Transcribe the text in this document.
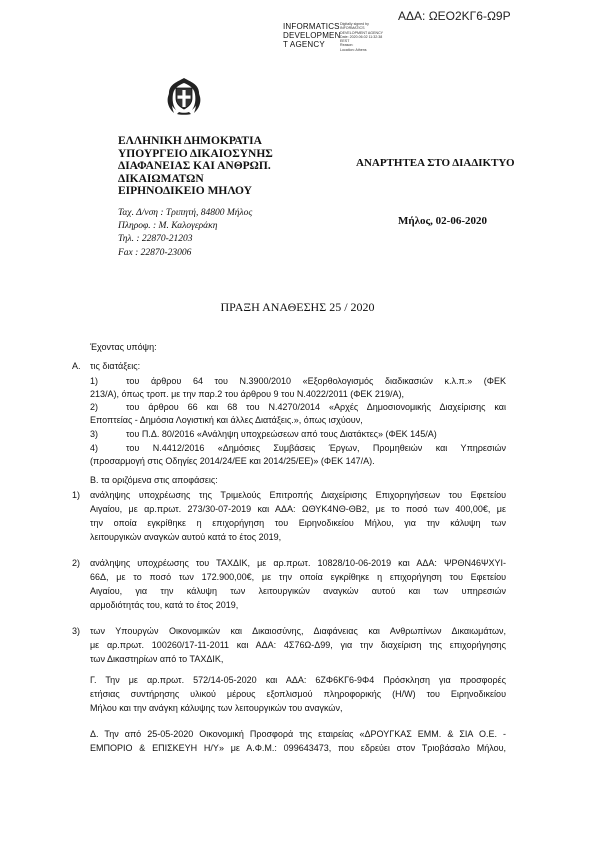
ΑΔΑ: ΩΕΟ2ΚΓ6-Ω9Ρ
INFORMATICS
DEVELOPMEN
T AGENCY
Digitally signed by
INFORMATICS
DEVELOPMENT AGENCY
Date: 2020.06.02 11:32:38
EEST
Reason:
Location: Athens
ΕΛΛΗΝΙΚΗ ΔΗΜΟΚΡΑΤΙΑ
ΥΠΟΥΡΓΕΙΟ ΔΙΚΑΙΟΣΥΝΗΣ
ΔΙΑΦΑΝΕΙΑΣ ΚΑΙ ΑΝΘΡΩΠ.
ΔΙΚΑΙΩΜΑΤΩΝ
ΕΙΡΗΝΟΔΙΚΕΙΟ ΜΗΛΟΥ
Ταχ. Δ/νση : Τριπητή, 84800 Μήλος
Πληροφ. : Μ. Καλογεράκη
Τηλ. : 22870-21203
Fax : 22870-23006
ΑΝΑΡΤΗΤΕΑ ΣΤΟ ΔΙΑΔΙΚΤΥΟ
Μήλος, 02-06-2020
ΠΡΑΞΗ ΑΝΑΘΕΣΗΣ 25 / 2020
Έχοντας υπόψη:
Α. τις διατάξεις:
1)	του άρθρου 64 του Ν.3900/2010 «Εξορθολογισμός διαδικασιών κ.λ.π.» (ΦΕΚ
213/Α), όπως τροπ. με την παρ.2 του άρθρου 9 του Ν.4022/2011 (ΦΕΚ 219/Α),
2)	του άρθρου 66 και 68 του Ν.4270/2014 «Αρχές Δημοσιονομικής Διαχείρισης και
Εποπτείας - Δημόσια Λογιστική και άλλες Διατάξεις.», όπως ισχύουν,
3)	του Π.Δ. 80/2016 «Ανάληψη υποχρεώσεων από τους Διατάκτες» (ΦΕΚ 145/Α)
4)	του Ν.4412/2016 «Δημόσιες Συμβάσεις Έργων, Προμηθειών και Υπηρεσιών
(προσαρμογή στις Οδηγίες 2014/24/ΕΕ και 2014/25/ΕΕ)» (ΦΕΚ 147/Α).
Β. τα οριζόμενα στις αποφάσεις:
1) ανάληψης υποχρέωσης της Τριμελούς Επιτροπής Διαχείρισης Επιχορηγήσεων του Εφετείου
Αιγαίου, με αρ.πρωτ. 273/30-07-2019 και ΑΔΑ: ΩΘΥΚ4ΝΘ-ΘΒ2, με το ποσό των 400,00€, με
την οποία εγκρίθηκε η επιχορήγηση του Ειρηνοδικείου Μήλου, για την κάλυψη των
λειτουργικών αναγκών αυτού κατά το έτος 2019,
2) ανάληψης υποχρέωσης του ΤΑΧΔΙΚ, με αρ.πρωτ. 10828/10-06-2019 και ΑΔΑ: ΨΡΘΝ46ΨΧΥΙ-
66Δ, με το ποσό των 172.900,00€, με την οποία εγκρίθηκε η επιχορήγηση του Εφετείου
Αιγαίου, για την κάλυψη των λειτουργικών αναγκών αυτού και των υπηρεσιών
αρμοδιότητάς του, κατά το έτος 2019,
3) των Υπουργών Οικονομικών και Δικαιοσύνης, Διαφάνειας και Ανθρωπίνων Δικαιωμάτων,
με αρ.πρωτ. 100260/17-11-2011 και ΑΔΑ: 4Σ76Ω-Δ99, για την διαχείριση της επιχορήγησης
των Δικαστηρίων από το ΤΑΧΔΙΚ,
Γ. Την με αρ.πρωτ. 572/14-05-2020 και ΑΔΑ: 6ΖΦ6ΚΓ6-9Φ4 Πρόσκληση για προσφορές
ετήσιας συντήρησης υλικού μέρους εξοπλισμού πληροφορικής (H/W) του Ειρηνοδικείου
Μήλου και την ανάγκη κάλυψης των λειτουργικών του αναγκών,
Δ. Την από 25-05-2020 Οικονομική Προσφορά της εταιρείας «ΔΡΟΥΓΚΑΣ ΕΜΜ. & ΣΙΑ Ο.Ε. -
ΕΜΠΟΡΙΟ & ΕΠΙΣΚΕΥΗ Η/Υ» με Α.Φ.Μ.: 099643473, που εδρεύει στον Τριοβάσαλο Μήλου,
